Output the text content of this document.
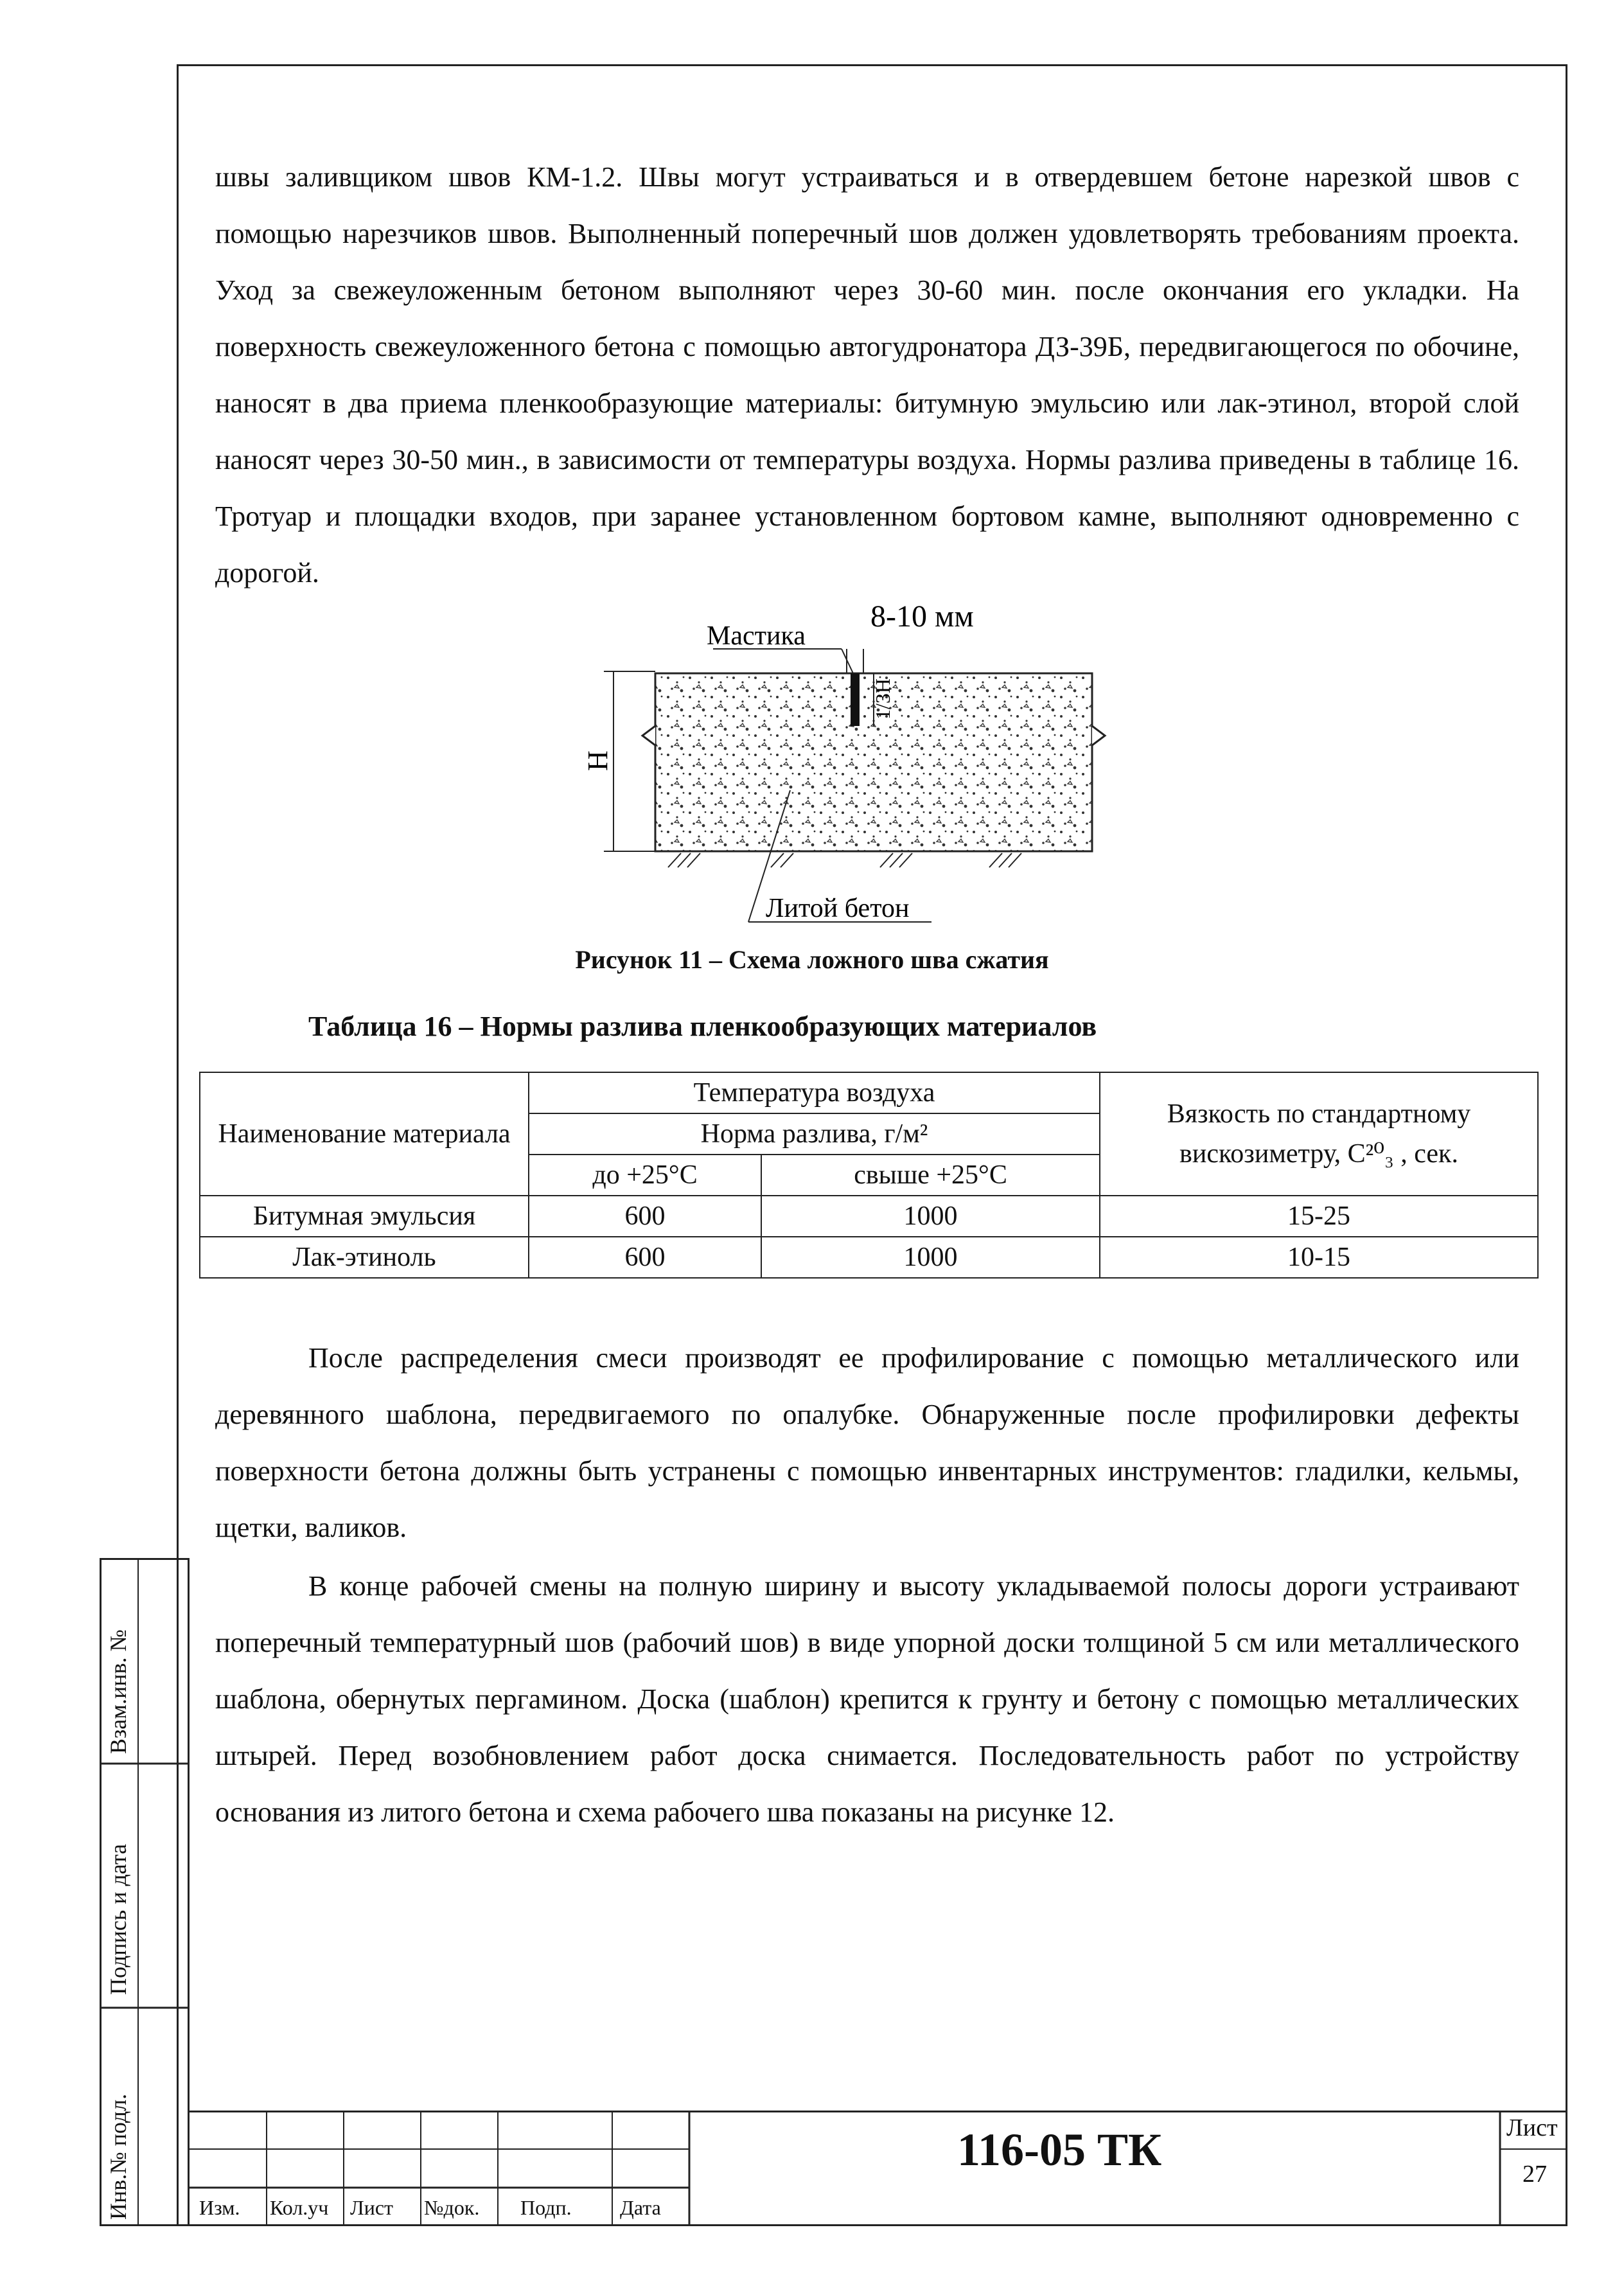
швы заливщиком швов КМ-1.2. Швы могут устраиваться и в отвердевшем бетоне нарезкой швов с помощью нарезчиков швов. Выполненный поперечный шов должен удовлетворять требованиям проекта. Уход за свежеуложенным бетоном выполняют через 30-60 мин. после окончания его укладки. На поверхность свежеуложенного бетона с помощью автогудронатора ДЗ-39Б, передвигающегося по обочине, наносят в два приема пленкообразующие материалы: битумную эмульсию или лак-этинол, второй слой наносят через 30-50 мин., в зависимости от температуры воздуха. Нормы разлива приведены в таблице 16. Тротуар и площадки входов, при заранее установленном бортовом камне, выполняют одновременно с дорогой.

Мастика
8-10 мм
1/3H
H
Литой бетон
Рисунок 11 – Схема ложного шва сжатия
Таблица 16 – Нормы разлива пленкообразующих материалов
Наименование материала	Температура воздуха		Вязкость по стандартному вискозиметру, C²⁰₃ , сек.
	Норма разлива, г/м²		
	до +25°С	свыше +25°С	
Битумная эмульсия	600	1000	15-25
Лак-этиноль	600	1000	10-15

После распределения смеси производят ее профилирование с помощью металлического или деревянного шаблона, передвигаемого по опалубке. Обнаруженные после профилировки дефекты поверхности бетона должны быть устранены с помощью инвентарных инструментов: гладилки, кельмы, щетки, валиков.

В конце рабочей смены на полную ширину и высоту укладываемой полосы дороги устраивают поперечный температурный шов (рабочий шов) в виде упорной доски толщиной 5 см или металлического шаблона, обернутых пергамином. Доска (шаблон) крепится к грунту и бетону с помощью металлических штырей. Перед возобновлением работ доска снимается. Последовательность работ по устройству основания из литого бетона и схема рабочего шва показаны на рисунке 12.

Взам.инв. №
Подпись и дата
Инв.№ подл.	116-05 ТК
Изм. Кол.уч Лист №док. Подп. Дата
Лист
27
